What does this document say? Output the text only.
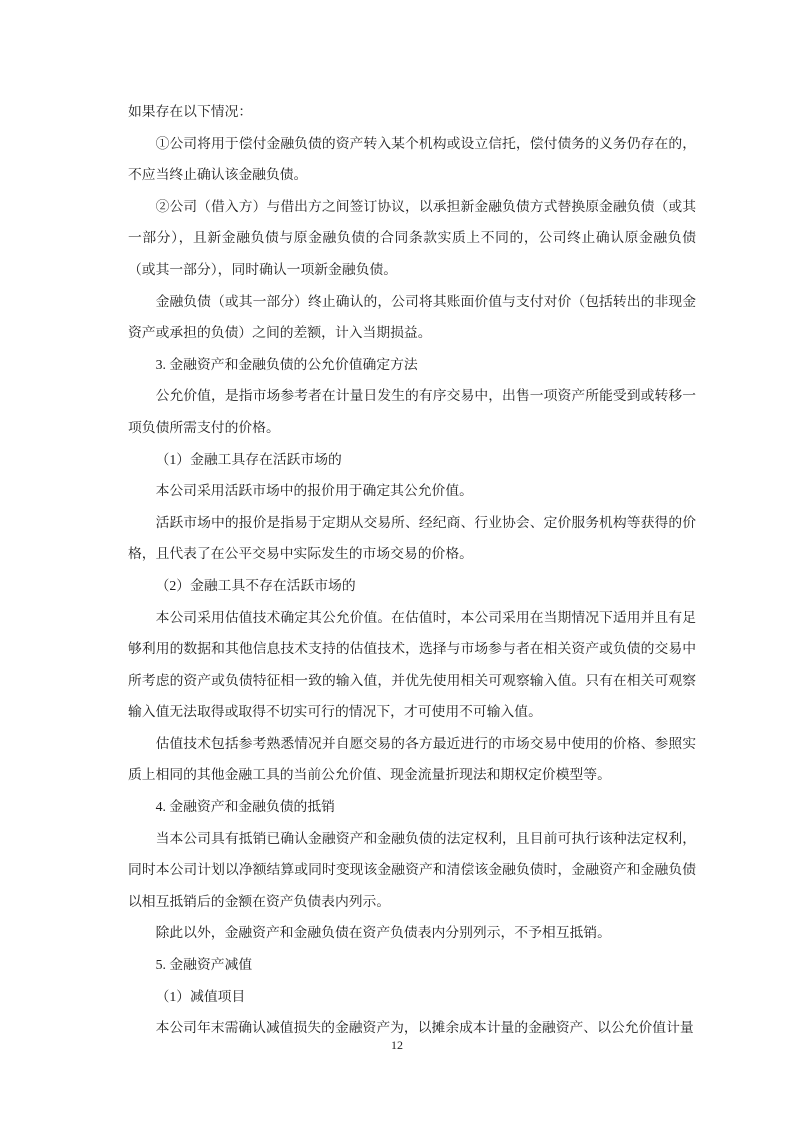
如果存在以下情况：

①公司将用于偿付金融负债的资产转入某个机构或设立信托，偿付债务的义务仍存在的，不应当终止确认该金融负债。

②公司（借入方）与借出方之间签订协议，以承担新金融负债方式替换原金融负债（或其一部分），且新金融负债与原金融负债的合同条款实质上不同的，公司终止确认原金融负债（或其一部分），同时确认一项新金融负债。

金融负债（或其一部分）终止确认的，公司将其账面价值与支付对价（包括转出的非现金资产或承担的负债）之间的差额，计入当期损益。

3. 金融资产和金融负债的公允价值确定方法

公允价值，是指市场参考者在计量日发生的有序交易中，出售一项资产所能受到或转移一项负债所需支付的价格。

（1）金融工具存在活跃市场的

本公司采用活跃市场中的报价用于确定其公允价值。

活跃市场中的报价是指易于定期从交易所、经纪商、行业协会、定价服务机构等获得的价格，且代表了在公平交易中实际发生的市场交易的价格。

（2）金融工具不存在活跃市场的

本公司采用估值技术确定其公允价值。在估值时，本公司采用在当期情况下适用并且有足够利用的数据和其他信息技术支持的估值技术，选择与市场参与者在相关资产或负债的交易中所考虑的资产或负债特征相一致的输入值，并优先使用相关可观察输入值。只有在相关可观察输入值无法取得或取得不切实可行的情况下，才可使用不可输入值。

估值技术包括参考熟悉情况并自愿交易的各方最近进行的市场交易中使用的价格、参照实质上相同的其他金融工具的当前公允价值、现金流量折现法和期权定价模型等。

4. 金融资产和金融负债的抵销

当本公司具有抵销已确认金融资产和金融负债的法定权利，且目前可执行该种法定权利，同时本公司计划以净额结算或同时变现该金融资产和清偿该金融负债时，金融资产和金融负债以相互抵销后的金额在资产负债表内列示。

除此以外，金融资产和金融负债在资产负债表内分别列示，不予相互抵销。

5. 金融资产减值

（1）减值项目

本公司年末需确认减值损失的金融资产为，以摊余成本计量的金融资产、以公允价值计量

12
